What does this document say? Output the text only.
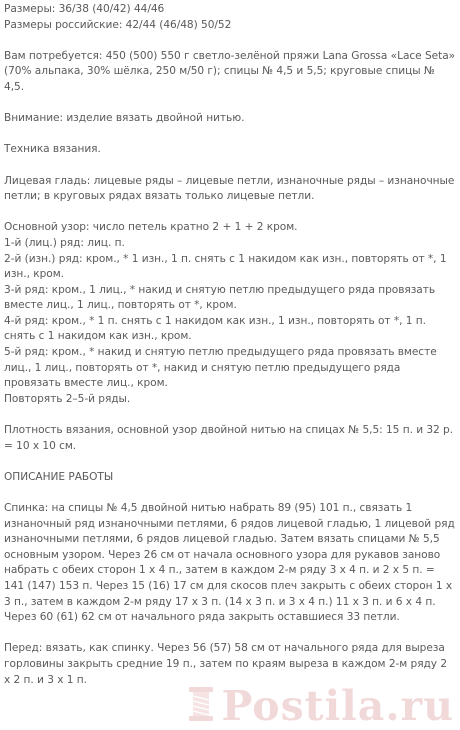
Размеры: 36/38 (40/42) 44/46
Размеры российские: 42/44 (46/48) 50/52

Вам потребуется: 450 (500) 550 г светло-зелёной пряжи Lana Grossa «Lace Seta» (70% альпака, 30% шёлка, 250 м/50 г); спицы № 4,5 и 5,5; круговые спицы № 4,5.

Внимание: изделие вязать двойной нитью.

Техника вязания.

Лицевая гладь: лицевые ряды – лицевые петли, изнаночные ряды – изнаночные петли; в круговых рядах вязать только лицевые петли.

Основной узор: число петель кратно 2 + 1 + 2 кром.
1-й (лиц.) ряд: лиц. п.
2-й (изн.) ряд: кром., * 1 изн., 1 п. снять с 1 накидом как изн., повторять от *, 1 изн., кром.
3-й ряд: кром., 1 лиц., * накид и снятую петлю предыдущего ряда провязать вместе лиц., 1 лиц., повторять от *, кром.
4-й ряд: кром., * 1 п. снять с 1 накидом как изн., 1 изн., повторять от *, 1 п. снять с 1 накидом как изн., кром.
5-й ряд: кром., * накид и снятую петлю предыдущего ряда провязать вместе лиц., 1 лиц., повторять от *, накид и снятую петлю предыдущего ряда провязать вместе лиц., кром.
Повторять 2–5-й ряды.

Плотность вязания, основной узор двойной нитью на спицах № 5,5: 15 п. и 32 р. = 10 х 10 см.

ОПИСАНИЕ РАБОТЫ

Спинка: на спицы № 4,5 двойной нитью набрать 89 (95) 101 п., связать 1 изнаночный ряд изнаночными петлями, 6 рядов лицевой гладью, 1 лицевой ряд изнаночными петлями, 6 рядов лицевой гладью. Затем вязать спицами № 5,5 основным узором. Через 26 см от начала основного узора для рукавов заново набрать с обеих сторон 1 х 4 п., затем в каждом 2-м ряду 3 х 4 п. и 2 х 5 п. = 141 (147) 153 п. Через 15 (16) 17 см для скосов плеч закрыть с обеих сторон 1 х 3 п., затем в каждом 2-м ряду 17 х 3 п. (14 х 3 п. и 3 х 4 п.) 11 х 3 п. и 6 х 4 п. Через 60 (61) 62 см от начального ряда закрыть оставшиеся 33 петли.

Перед: вязать, как спинку. Через 56 (57) 58 см от начального ряда для выреза горловины закрыть средние 19 п., затем по краям выреза в каждом 2-м ряду 2 х 2 п. и 3 х 1 п.

Postila.ru
